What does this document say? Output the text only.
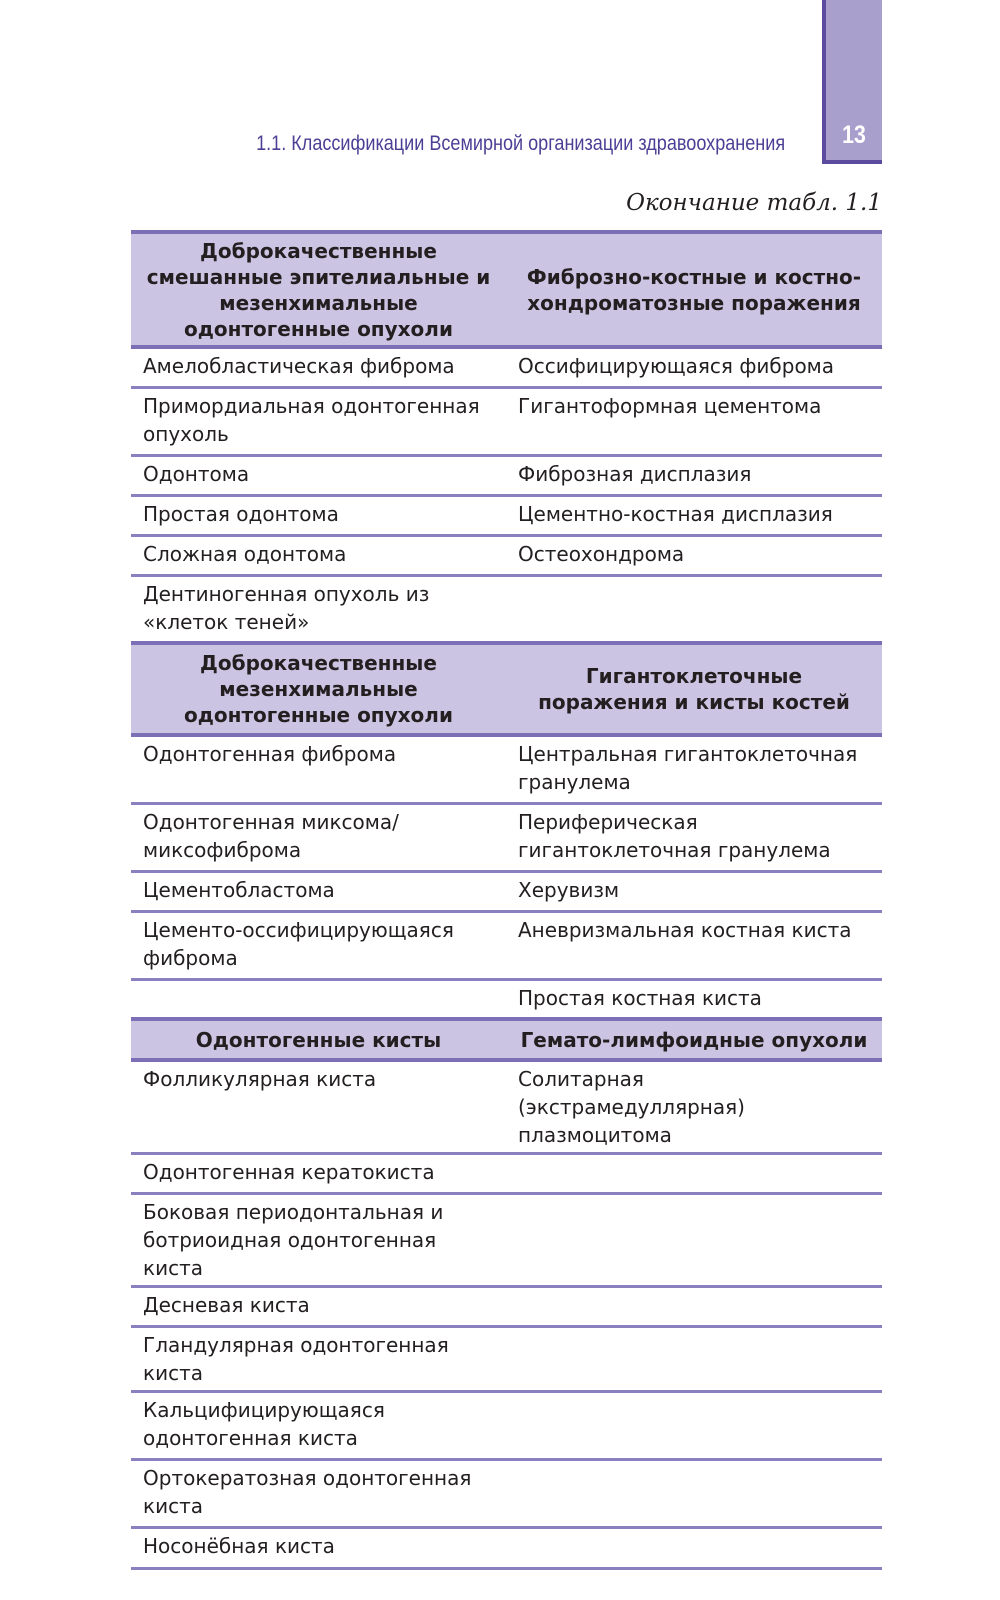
13
1.1. Классификации Всемирной организации здравоохранения
Окончание табл. 1.1
Доброкачественные смешанные эпителиальные и мезенхимальные одонтогенные опухоли	Фиброзно-костные и костно-хондроматозные поражения
Амелобластическая фиброма	Оссифицирующаяся фиброма
Примордиальная одонтогенная опухоль	Гигантоформная цементома
Одонтома	Фиброзная дисплазия
Простая одонтома	Цементно-костная дисплазия
Сложная одонтома	Остеохондрома
Дентиногенная опухоль из «клеток теней»	
Доброкачественные мезенхимальные одонтогенные опухоли	Гигантоклеточные поражения и кисты костей
Одонтогенная фиброма	Центральная гигантоклеточная гранулема
Одонтогенная миксома/ миксофиброма	Периферическая гигантоклеточная гранулема
Цементобластома	Херувизм
Цементо-оссифицирующаяся фиброма	Аневризмальная костная киста
	Простая костная киста
Одонтогенные кисты	Гемато-лимфоидные опухоли
Фолликулярная киста	Солитарная (экстрамедуллярная) плазмоцитома
Одонтогенная кератокиста	
Боковая периодонтальная и ботриоидная одонтогенная киста	
Десневая киста	
Гландулярная одонтогенная киста	
Кальцифицирующаяся одонтогенная киста	
Ортокератозная одонтогенная киста	
Носонёбная киста	
